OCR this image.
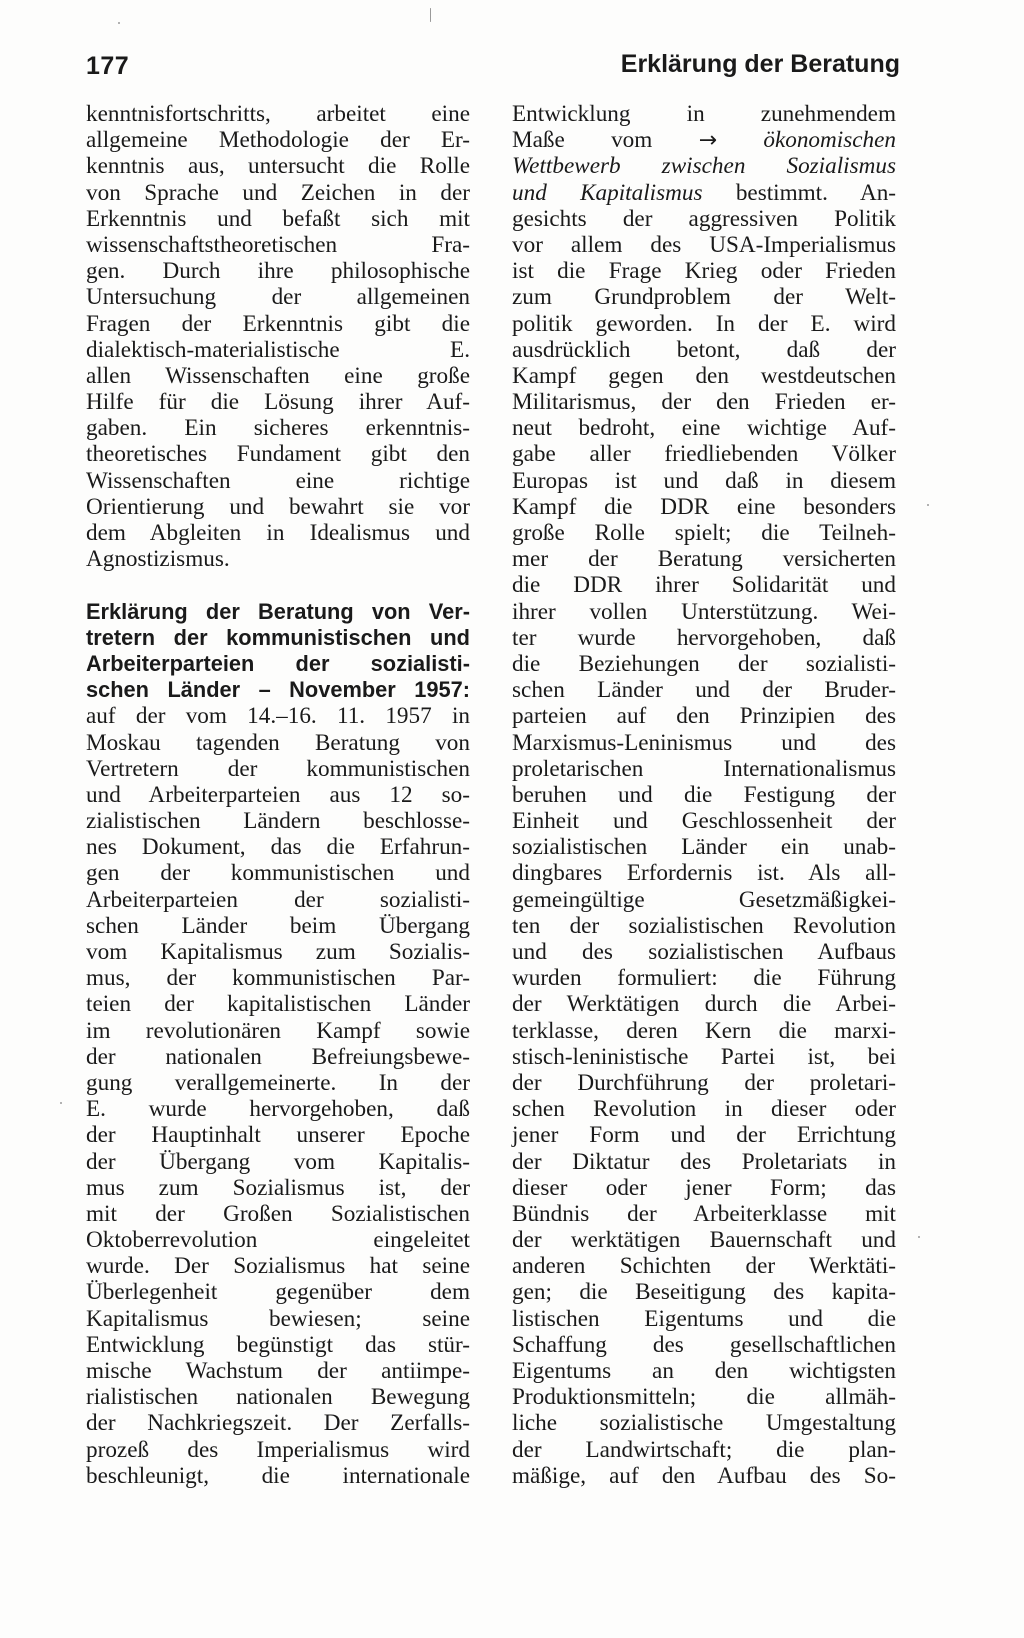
177	Erklärung der Beratung
kenntnisfortschritts, arbeitet eine
allgemeine Methodologie der Er-
kenntnis aus, untersucht die Rolle
von Sprache und Zeichen in der
Erkenntnis und befaßt sich mit
wissenschaftstheoretischen Fra-
gen. Durch ihre philosophische
Untersuchung der allgemeinen
Fragen der Erkenntnis gibt die
dialektisch-materialistische E.
allen Wissenschaften eine große
Hilfe für die Lösung ihrer Auf-
gaben. Ein sicheres erkenntnis-
theoretisches Fundament gibt den
Wissenschaften eine richtige
Orientierung und bewahrt sie vor
dem Abgleiten in Idealismus und
Agnostizismus.
Erklärung der Beratung von Ver-
tretern der kommunistischen und
Arbeiterparteien der sozialisti-
schen Länder – November 1957:
auf der vom 14.–16. 11. 1957 in
Moskau tagenden Beratung von
Vertretern der kommunistischen
und Arbeiterparteien aus 12 so-
zialistischen Ländern beschlosse-
nes Dokument, das die Erfahrun-
gen der kommunistischen und
Arbeiterparteien der sozialisti-
schen Länder beim Übergang
vom Kapitalismus zum Sozialis-
mus, der kommunistischen Par-
teien der kapitalistischen Länder
im revolutionären Kampf sowie
der nationalen Befreiungsbewe-
gung verallgemeinerte. In der
E. wurde hervorgehoben, daß
der Hauptinhalt unserer Epoche
der Übergang vom Kapitalis-
mus zum Sozialismus ist, der
mit der Großen Sozialistischen
Oktoberrevolution eingeleitet
wurde. Der Sozialismus hat seine
Überlegenheit gegenüber dem
Kapitalismus bewiesen; seine
Entwicklung begünstigt das stür-
mische Wachstum der antiimpe-
rialistischen nationalen Bewegung
der Nachkriegszeit. Der Zerfalls-
prozeß des Imperialismus wird
beschleunigt, die internationale
Entwicklung in zunehmendem
Maße vom → ökonomischen
Wettbewerb zwischen Sozialismus
und Kapitalismus bestimmt. An-
gesichts der aggressiven Politik
vor allem des USA-Imperialismus
ist die Frage Krieg oder Frieden
zum Grundproblem der Welt-
politik geworden. In der E. wird
ausdrücklich betont, daß der
Kampf gegen den westdeutschen
Militarismus, der den Frieden er-
neut bedroht, eine wichtige Auf-
gabe aller friedliebenden Völker
Europas ist und daß in diesem
Kampf die DDR eine besonders
große Rolle spielt; die Teilneh-
mer der Beratung versicherten
die DDR ihrer Solidarität und
ihrer vollen Unterstützung. Wei-
ter wurde hervorgehoben, daß
die Beziehungen der sozialisti-
schen Länder und der Bruder-
parteien auf den Prinzipien des
Marxismus-Leninismus und des
proletarischen Internationalismus
beruhen und die Festigung der
Einheit und Geschlossenheit der
sozialistischen Länder ein unab-
dingbares Erfordernis ist. Als all-
gemeingültige Gesetzmäßigkei-
ten der sozialistischen Revolution
und des sozialistischen Aufbaus
wurden formuliert: die Führung
der Werktätigen durch die Arbei-
terklasse, deren Kern die marxi-
stisch-leninistische Partei ist, bei
der Durchführung der proletari-
schen Revolution in dieser oder
jener Form und der Errichtung
der Diktatur des Proletariats in
dieser oder jener Form; das
Bündnis der Arbeiterklasse mit
der werktätigen Bauernschaft und
anderen Schichten der Werktäti-
gen; die Beseitigung des kapita-
listischen Eigentums und die
Schaffung des gesellschaftlichen
Eigentums an den wichtigsten
Produktionsmitteln; die allmäh-
liche sozialistische Umgestaltung
der Landwirtschaft; die plan-
mäßige, auf den Aufbau des So-
